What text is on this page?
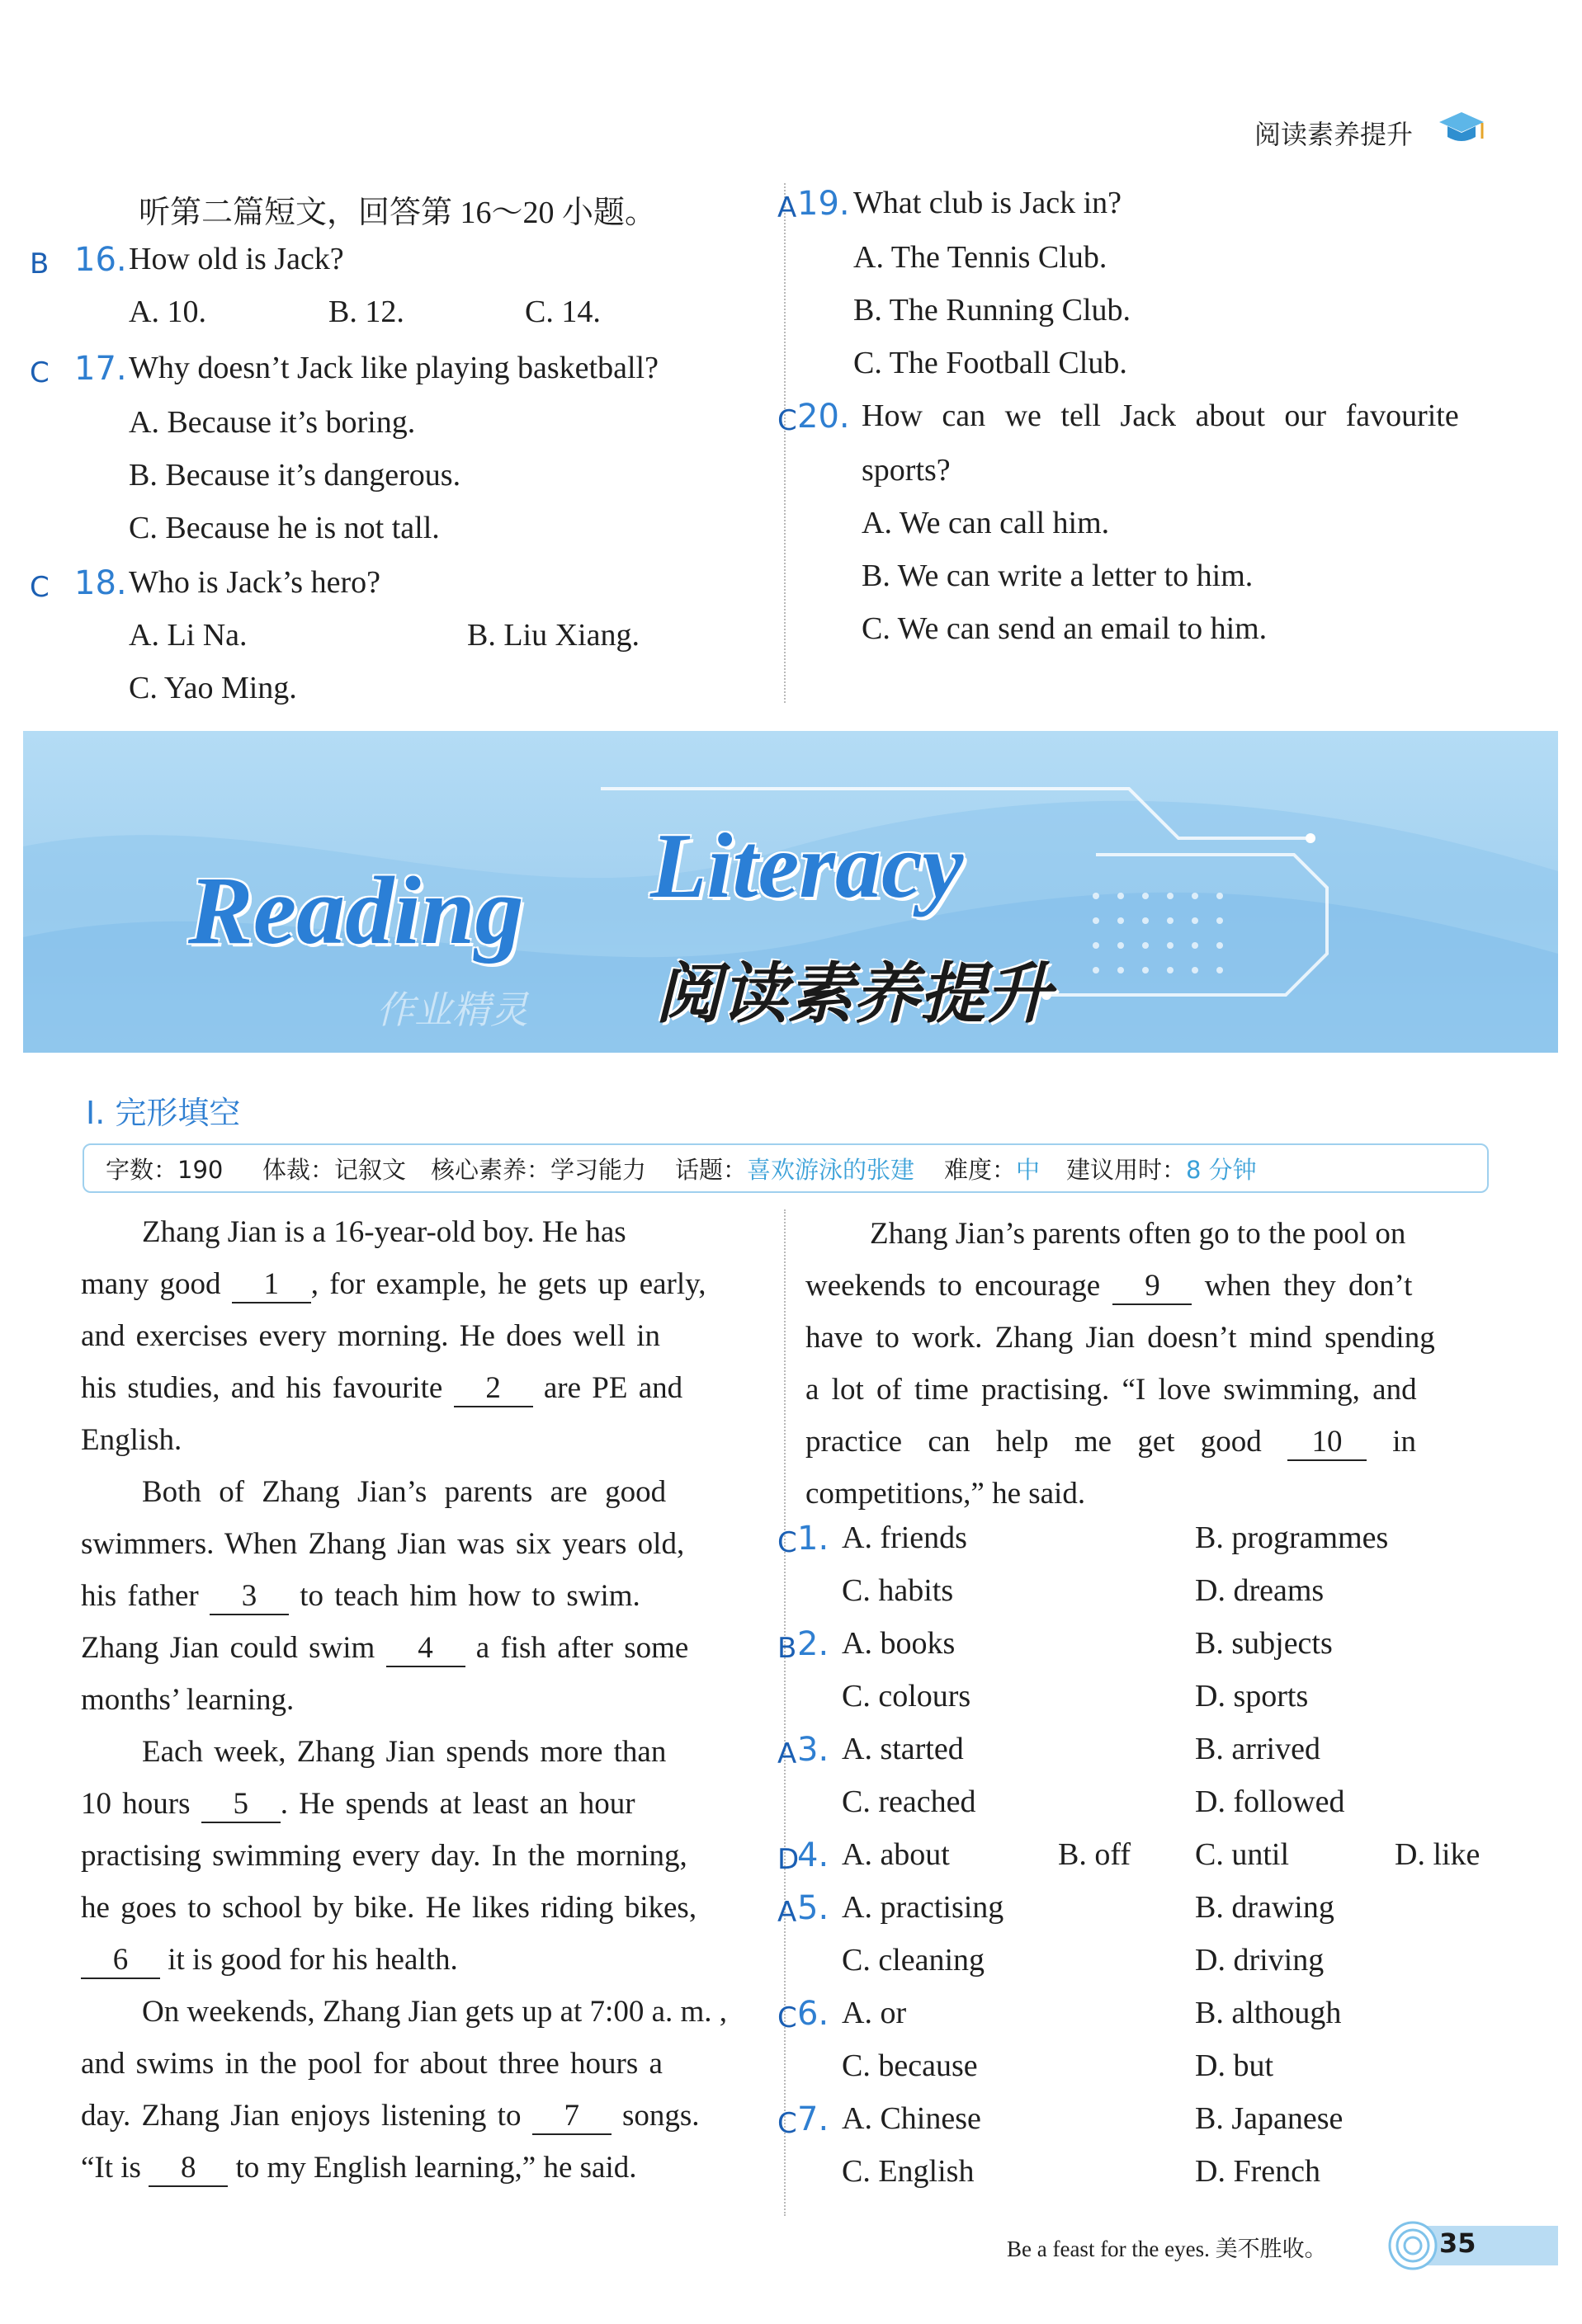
阅读素养提升
听第二篇短文，回答第 16～20 小题。
B 16. How old is Jack?
A. 10.	B. 12.	C. 14.
C 17. Why doesn’t Jack like playing basketball?
A. Because it’s boring.
B. Because it’s dangerous.
C. Because he is not tall.
C 18. Who is Jack’s hero?
A. Li Na.	B. Liu Xiang.
C. Yao Ming.
A 19. What club is Jack in?
A. The Tennis Club.
B. The Running Club.
C. The Football Club.
C 20. How can we tell Jack about our favourite
sports?
A. We can call him.
B. We can write a letter to him.
C. We can send an email to him.
Reading Literacy
阅读素养提升
作业精灵
Ⅰ. 完形填空
字数：190 体裁：记叙文 核心素养：学习能力 话题：喜欢游泳的张建 难度：中 建议用时：8 分钟
Zhang Jian is a 16-year-old boy. He has
many good 1 , for example, he gets up early,
and exercises every morning. He does well in
his studies, and his favourite 2 are PE and
English.
Both of Zhang Jian’s parents are good
swimmers. When Zhang Jian was six years old,
his father 3 to teach him how to swim.
Zhang Jian could swim 4 a fish after some
months’ learning.
Each week, Zhang Jian spends more than
10 hours 5 . He spends at least an hour
practising swimming every day. In the morning,
he goes to school by bike. He likes riding bikes,
6 it is good for his health.
On weekends, Zhang Jian gets up at 7:00 a. m. ,
and swims in the pool for about three hours a
day. Zhang Jian enjoys listening to 7 songs.
“It is 8 to my English learning,” he said.
Zhang Jian’s parents often go to the pool on
weekends to encourage 9 when they don’t
have to work. Zhang Jian doesn’t mind spending
a lot of time practising. “I love swimming, and
practice can help me get good 10 in
competitions,” he said.
C 1. A. friends	B. programmes
C. habits	D. dreams
B 2. A. books	B. subjects
C. colours	D. sports
A 3. A. started	B. arrived
C. reached	D. followed
D
4. A. about	B. off C. until	D. like
A 5. A. practising	B. drawing
C. cleaning	D. driving
C 6. A. or	B. although
C. because	D. but
C 7. A. Chinese	B. Japanese
C. English	D. French
Be a feast for the eyes. 美不胜收。	35
